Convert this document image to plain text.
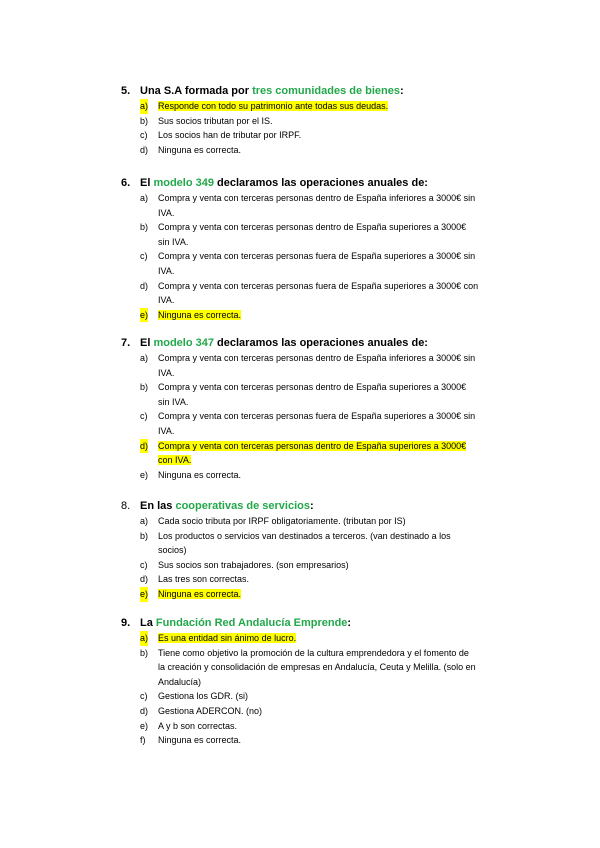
5. Una S.A formada por tres comunidades de bienes:
a) Responde con todo su patrimonio ante todas sus deudas.
b) Sus socios tributan por el IS.
c) Los socios han de tributar por IRPF.
d) Ninguna es correcta.
6. El modelo 349 declaramos las operaciones anuales de:
a) Compra y venta con terceras personas dentro de España inferiores a 3000€ sin
IVA.
b) Compra y venta con terceras personas dentro de España superiores a 3000€
sin IVA.
c) Compra y venta con terceras personas fuera de España superiores a 3000€ sin
IVA.
d) Compra y venta con terceras personas fuera de España superiores a 3000€ con
IVA.
e) Ninguna es correcta.
7. El modelo 347 declaramos las operaciones anuales de:
a) Compra y venta con terceras personas dentro de España inferiores a 3000€ sin
IVA.
b) Compra y venta con terceras personas dentro de España superiores a 3000€
sin IVA.
c) Compra y venta con terceras personas fuera de España superiores a 3000€ sin
IVA.
d) Compra y venta con terceras personas dentro de España superiores a 3000€
con IVA.
e) Ninguna es correcta.
8. En las cooperativas de servicios:
a) Cada socio tributa por IRPF obligatoriamente. (tributan por IS)
b) Los productos o servicios van destinados a terceros. (van destinado a los
socios)
c) Sus socios son trabajadores. (son empresarios)
d) Las tres son correctas.
e) Ninguna es correcta.
9. La Fundación Red Andalucía Emprende:
a) Es una entidad sin ánimo de lucro.
b) Tiene como objetivo la promoción de la cultura emprendedora y el fomento de
la creación y consolidación de empresas en Andalucía, Ceuta y Melilla. (solo en
Andalucía)
c) Gestiona los GDR. (si)
d) Gestiona ADERCON. (no)
e) A y b son correctas.
f) Ninguna es correcta.
